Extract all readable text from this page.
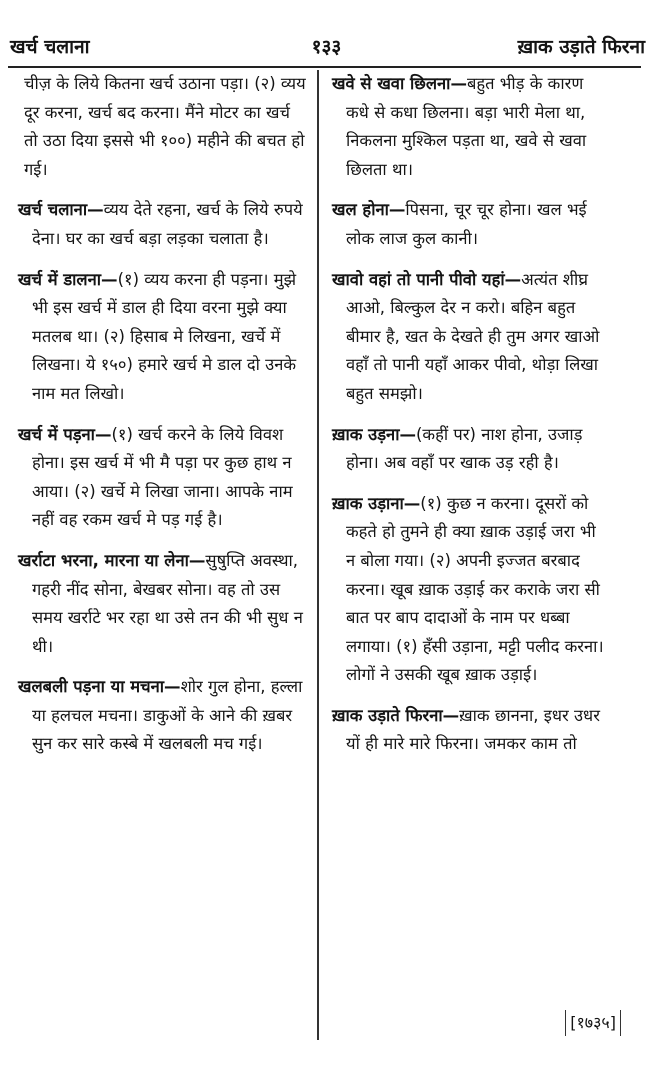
खर्च चलाना	१३३	ख़ाक उड़ाते फिरना
चीज़ के लिये कितना खर्च उठाना पड़ा। (२) व्यय दूर करना, खर्च बद करना। मैंने मोटर का खर्च तो उठा दिया इससे भी १००) महीने की बचत हो गई।
खर्च चलाना—व्यय देते रहना, खर्च के लिये रुपये देना। घर का खर्च बड़ा लड़का चलाता है।
खर्च में डालना—(१) व्यय करना ही पड़ना। मुझे भी इस खर्च में डाल ही दिया वरना मुझे क्या मतलब था। (२) हिसाब मे लिखना, खर्चे में लिखना। ये १५०) हमारे खर्च मे डाल दो उनके नाम मत लिखो।
खर्च में पड़ना—(१) खर्च करने के लिये विवश होना। इस खर्च में भी मै पड़ा पर कुछ हाथ न आया। (२) खर्चे मे लिखा जाना। आपके नाम नहीं वह रकम खर्च मे पड़ गई है।
खर्राटा भरना, मारना या लेना—सुषुप्ति अवस्था, गहरी नींद सोना, बेखबर सोना। वह तो उस समय खर्राटे भर रहा था उसे तन की भी सुध न थी।
खलबली पड़ना या मचना—शोर गुल होना, हल्ला या हलचल मचना। डाकुओं के आने की ख़बर सुन कर सारे कस्बे में खलबली मच गई।
खवे से खवा छिलना—बहुत भीड़ के कारण कधे से कधा छिलना। बड़ा भारी मेला था, निकलना मुश्किल पड़ता था, खवे से खवा छिलता था।
खल होना—पिसना, चूर चूर होना। खल भई लोक लाज कुल कानी।
खावो वहां तो पानी पीवो यहां—अत्यंत शीघ्र आओ, बिल्कुल देर न करो। बहिन बहुत बीमार है, खत के देखते ही तुम अगर खाओ वहाँ तो पानी यहाँ आकर पीवो, थोड़ा लिखा बहुत समझो।
ख़ाक उड़ना—(कहीं पर) नाश होना, उजाड़ होना। अब वहाँ पर खाक उड़ रही है।
ख़ाक उड़ाना—(१) कुछ न करना। दूसरों को कहते हो तुमने ही क्या ख़ाक उड़ाई जरा भी न बोला गया। (२) अपनी इज्जत बरबाद करना। खूब ख़ाक उड़ाई कर कराके जरा सी बात पर बाप दादाओं के नाम पर धब्बा लगाया। (१) हँसी उड़ाना, मट्टी पलीद करना। लोगों ने उसकी खूब ख़ाक उड़ाई।
ख़ाक उड़ाते फिरना—ख़ाक छानना, इधर उधर यों ही मारे मारे फिरना। जमकर काम तो
[१७३५]
